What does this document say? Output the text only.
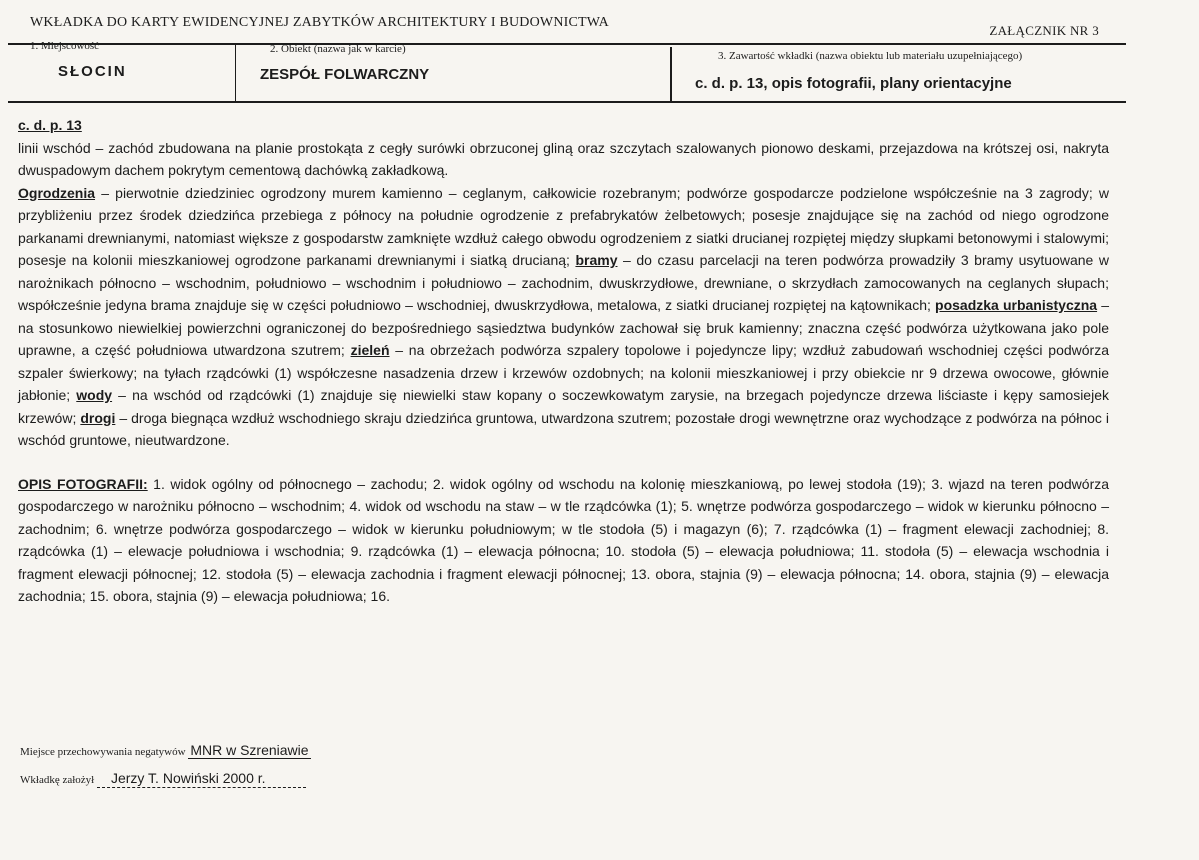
WKŁADKA DO KARTY EWIDENCYJNEJ ZABYTKÓW ARCHITEKTURY I BUDOWNICTWA
ZAŁĄCZNIK NR 3
1. Miejscowość
SŁOCIN
2. Obiekt (nazwa jak w karcie)
ZESPÓŁ FOLWARCZNY
3. Zawartość wkładki (nazwa obiektu lub materiału uzupełniającego)
c. d. p. 13, opis fotografii, plany orientacyjne

c. d. p. 13

linii wschód – zachód zbudowana na planie prostokąta z cegły surówki obrzuconej gliną oraz szczytach szalowanych pionowo deskami, przejazdowa na krótszej osi, nakryta dwuspadowym dachem pokrytym cementową dachówką zakładkową.

Ogrodzenia – pierwotnie dziedziniec ogrodzony murem kamienno – ceglanym, całkowicie rozebranym; podwórze gospodarcze podzielone współcześnie na 3 zagrody; w przybliżeniu przez środek dziedzińca przebiega z północy na południe ogrodzenie z prefabrykatów żelbetowych; posesje znajdujące się na zachód od niego ogrodzone parkanami drewnianymi, natomiast większe z gospodarstw zamknięte wzdłuż całego obwodu ogrodzeniem z siatki drucianej rozpiętej między słupkami betonowymi i stalowymi; posesje na kolonii mieszkaniowej ogrodzone parkanami drewnianymi i siatką drucianą; bramy – do czasu parcelacji na teren podwórza prowadziły 3 bramy usytuowane w narożnikach północno – wschodnim, południowo – wschodnim i południowo – zachodnim, dwuskrzydłowe, drewniane, o skrzydłach zamocowanych na ceglanych słupach; współcześnie jedyna brama znajduje się w części południowo – wschodniej, dwuskrzydłowa, metalowa, z siatki drucianej rozpiętej na kątownikach; posadzka urbanistyczna – na stosunkowo niewielkiej powierzchni ograniczonej do bezpośredniego sąsiedztwa budynków zachował się bruk kamienny; znaczna część podwórza użytkowana jako pole uprawne, a część południowa utwardzona szutrem; zieleń – na obrzeżach podwórza szpalery topolowe i pojedyncze lipy; wzdłuż zabudowań wschodniej części podwórza szpaler świerkowy; na tyłach rządcówki (1) współczesne nasadzenia drzew i krzewów ozdobnych; na kolonii mieszkaniowej i przy obiekcie nr 9 drzewa owocowe, głównie jabłonie; wody – na wschód od rządcówki (1) znajduje się niewielki staw kopany o soczewkowatym zarysie, na brzegach pojedyncze drzewa liściaste i kępy samosiejek krzewów; drogi – droga biegnąca wzdłuż wschodniego skraju dziedzińca gruntowa, utwardzona szutrem; pozostałe drogi wewnętrzne oraz wychodzące z podwórza na północ i wschód gruntowe, nieutwardzone.

OPIS FOTOGRAFII: 1. widok ogólny od północnego – zachodu; 2. widok ogólny od wschodu na kolonię mieszkaniową, po lewej stodoła (19); 3. wjazd na teren podwórza gospodarczego w narożniku północno – wschodnim; 4. widok od wschodu na staw – w tle rządcówka (1); 5. wnętrze podwórza gospodarczego – widok w kierunku północno – zachodnim; 6. wnętrze podwórza gospodarczego – widok w kierunku południowym; w tle stodoła (5) i magazyn (6); 7. rządcówka (1) – fragment elewacji zachodniej; 8. rządcówka (1) – elewacje południowa i wschodnia; 9. rządcówka (1) – elewacja północna; 10. stodoła (5) – elewacja południowa; 11. stodoła (5) – elewacja wschodnia i fragment elewacji północnej; 12. stodoła (5) – elewacja zachodnia i fragment elewacji północnej; 13. obora, stajnia (9) – elewacja północna; 14. obora, stajnia (9) – elewacja zachodnia; 15. obora, stajnia (9) – elewacja południowa; 16.

Miejsce przechowywania negatywów MNR w Szreniawie
Wkładkę założył Jerzy T. Nowiński 2000 r.
